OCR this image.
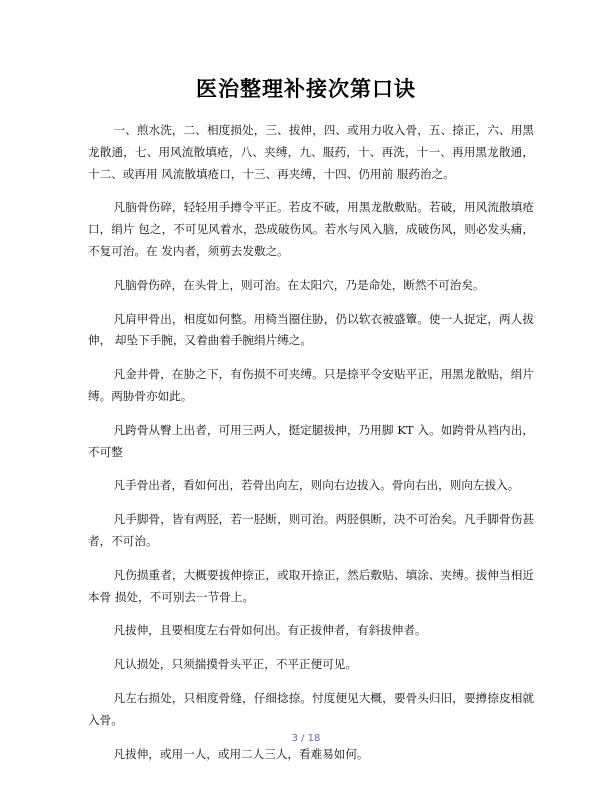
医治整理补接次第口诀

一、煎水洗，二、相度损处，三、拔伸，四、或用力收入骨，五、捺正，六、用黑龙散通，七、用风流散填疮，八、夹缚，九、服药，十、再洗，十一、再用黑龙散通，十二、或再用 风流散填疮口，十三、再夹缚，十四、仍用前 服药治之。

凡脑骨伤碎，轻轻用手撙令平正。若皮不破，用黑龙散敷贴。若破，用风流散填疮口，绢片 包之，不可见风着水，恐成破伤风。若水与风入脑，成破伤风，则必发头痛，不复可治。在 发内者，须剪去发敷之。

凡脑骨伤碎，在头骨上，则可治。在太阳穴，乃是命处，断然不可治矣。

凡肩甲骨出，相度如何整。用椅当圈住胁，仍以软衣被盛簟。使一人捉定，两人拔伸， 却坠下手腕，又着曲着手腕绢片缚之。

凡金井骨，在胁之下，有伤损不可夹缚。只是捺平令安贴平正，用黑龙散贴，绢片缚。两胁骨亦如此。

凡跨骨从臀上出者，可用三两人，挺定腿拔抻，乃用脚 KT 入。如跨骨从裆内出，不可整

凡手骨出者，看如何出，若骨出向左，则向右边拔入。骨向右出，则向左拔入。

凡手脚骨，皆有两胫，若一胫断，则可治。两胫俱断，决不可治矣。凡手脚骨伤甚者，不可治。

凡伤损重者，大概要拔伸捺正，或取开捺正，然后敷贴、填涂、夹缚。拔伸当相近本骨 损处，不可别去一节骨上。

凡拔伸，且要相度左右骨如何出。有正拔伸者，有斜拔伸者。

凡认损处，只须揣摸骨头平正，不平正便可见。

凡左右损处，只相度骨缝，仔细捻捺。忖度便见大概，要骨头归旧，要撙捺皮相就入骨。

凡拔伸，或用一人，或用二人三人，看难易如何。

3 / 18
